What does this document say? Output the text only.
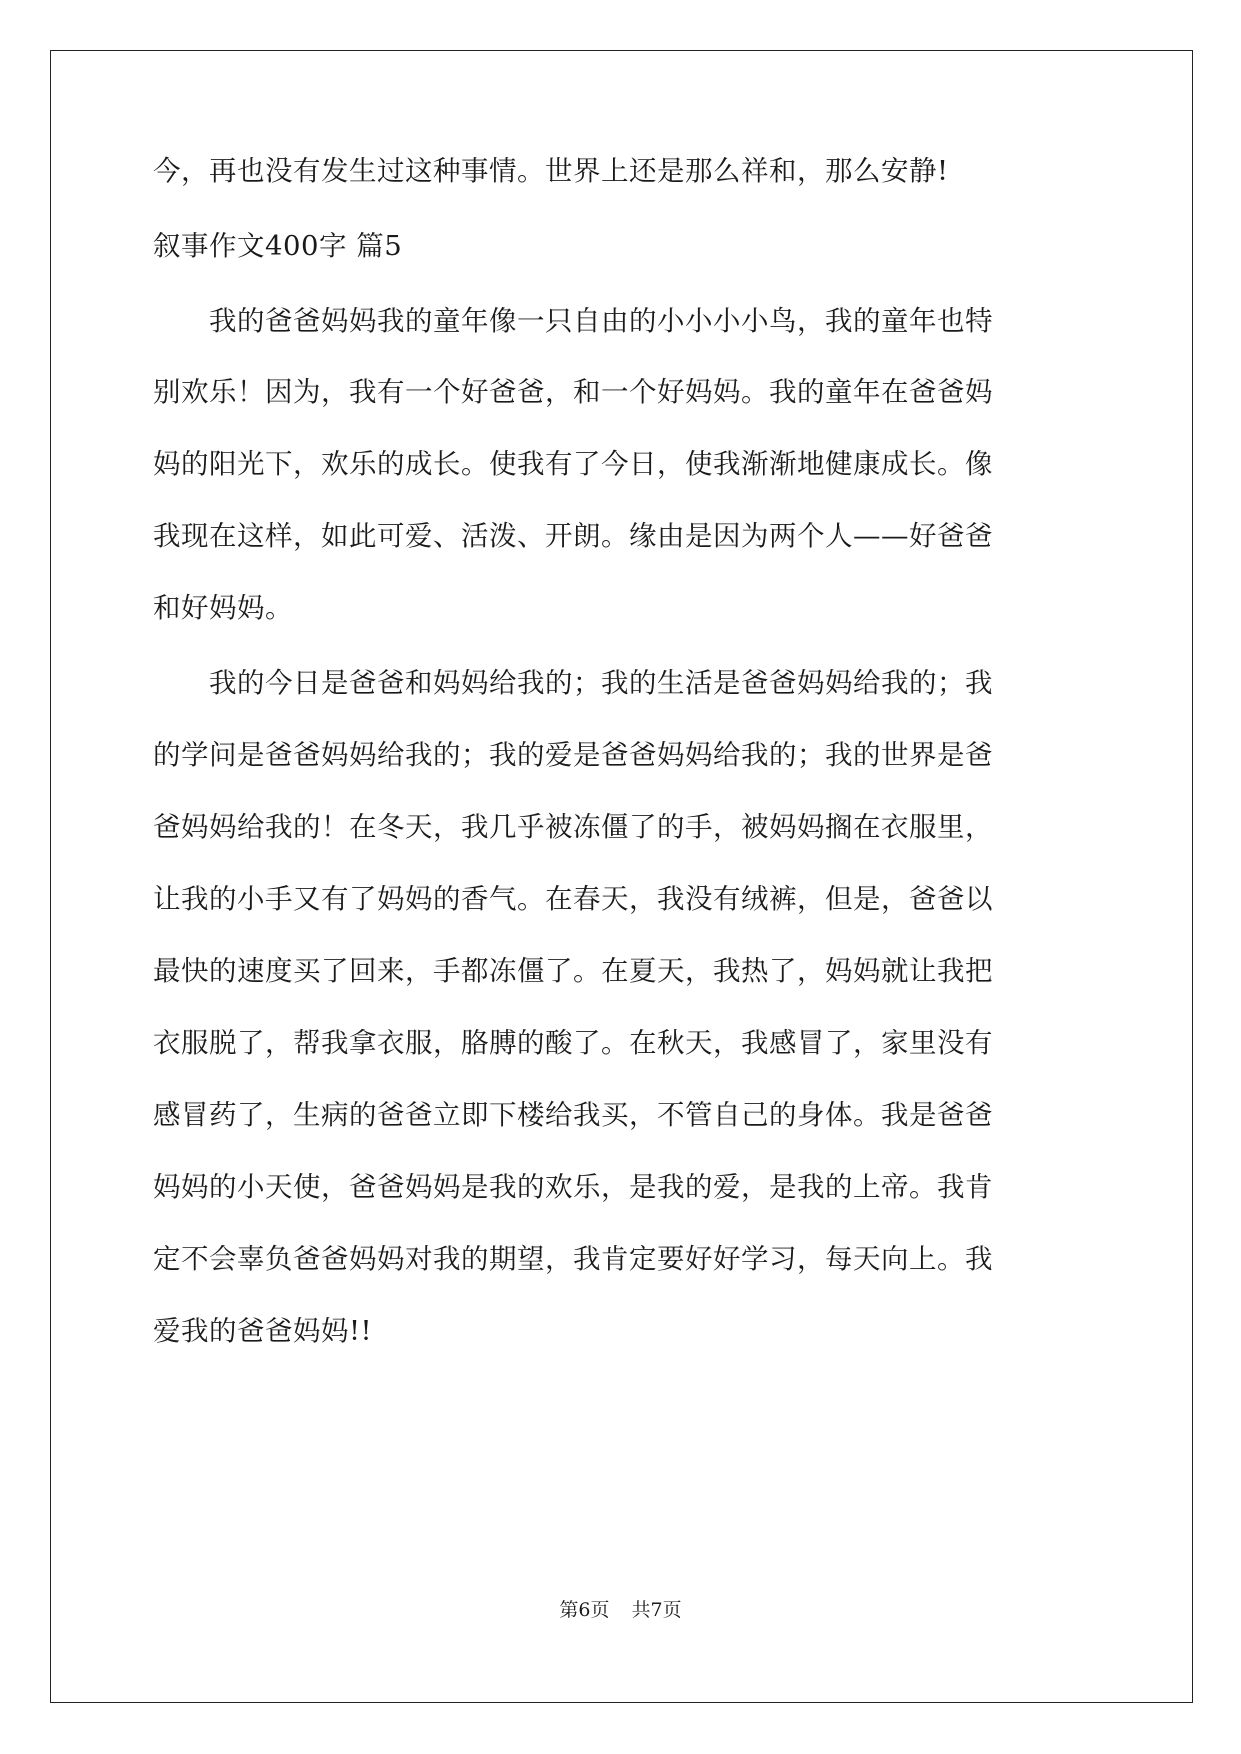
今，再也没有发生过这种事情。世界上还是那么祥和，那么安静!
叙事作文400字 篇5
　　我的爸爸妈妈我的童年像一只自由的小小小小鸟，我的童年也特
别欢乐！因为，我有一个好爸爸，和一个好妈妈。我的童年在爸爸妈
妈的阳光下，欢乐的成长。使我有了今日，使我渐渐地健康成长。像
我现在这样，如此可爱、活泼、开朗。缘由是因为两个人——好爸爸
和好妈妈。
　　我的今日是爸爸和妈妈给我的；我的生活是爸爸妈妈给我的；我
的学问是爸爸妈妈给我的；我的爱是爸爸妈妈给我的；我的世界是爸
爸妈妈给我的！在冬天，我几乎被冻僵了的手，被妈妈搁在衣服里，
让我的小手又有了妈妈的香气。在春天，我没有绒裤，但是，爸爸以
最快的速度买了回来，手都冻僵了。在夏天，我热了，妈妈就让我把
衣服脱了，帮我拿衣服，胳膊的酸了。在秋天，我感冒了，家里没有
感冒药了，生病的爸爸立即下楼给我买，不管自己的身体。我是爸爸
妈妈的小天使，爸爸妈妈是我的欢乐，是我的爱，是我的上帝。我肯
定不会辜负爸爸妈妈对我的期望，我肯定要好好学习，每天向上。我
爱我的爸爸妈妈!!
第6页 共7页
